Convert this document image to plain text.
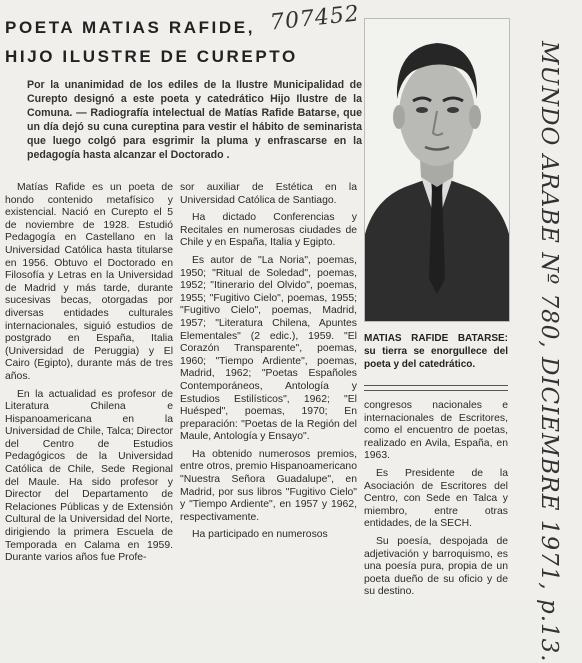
707452
MUNDO ARABE Nº 780, DICIEMBRE 1971, p.13.
POETA MATIAS RAFIDE,
HIJO ILUSTRE DE CUREPTO
Por la unanimidad de los ediles de la Ilustre Municipalidad de Curepto designó a este poeta y catedrático Hijo Ilustre de la Comuna. — Radiografía intelectual de Matías Rafide Batarse, que un día dejó su cuna cureptina para vestir el hábito de seminarista que luego colgó para esgrimir la pluma y enfrascarse en la pedagogía hasta alcanzar el Doctorado .

Matías Rafide es un poeta de hondo contenido metafísico y existencial. Nació en Curepto el 5 de noviembre de 1928. Estudió Pedagogía en Castellano en la Universidad Católica hasta titularse en 1956. Obtuvo el Doctorado en Filosofía y Letras en la Universidad de Madrid y más tarde, durante sucesivas becas, otorgadas por diversas entidades culturales internacionales, siguió estudios de postgrado en España, Italia (Universidad de Peruggia) y El Cairo (Egipto), durante más de tres años.

En la actualidad es profesor de Literatura Chilena e Hispanoamericana en la Universidad de Chile, Talca; Director del Centro de Estudios Pedagógicos de la Universidad Católica de Chile, Sede Regional del Maule. Ha sido profesor y Director del Departamento de Relaciones Públicas y de Extensión Cultural de la Universidad del Norte, dirigiendo la primera Escuela de Temporada en Calama en 1959. Durante varios años fue Profe-

sor auxiliar de Estética en la Universidad Católica de Santiago.

Ha dictado Conferencias y Recitales en numerosas ciudades de Chile y en España, Italia y Egipto.

Es autor de "La Noria", poemas, 1950; "Ritual de Soledad", poemas, 1952; "Itinerario del Olvido", poemas, 1955; "Fugitivo Cielo", poemas, 1955; "Fugitivo Cielo", poemas, Madrid, 1957; "Literatura Chilena, Apuntes Elementales" (2 edic.), 1959. "El Corazón Transparente", poemas, 1960; "Tiempo Ardiente", poemas, Madrid, 1962; "Poetas Españoles Contemporáneos, Antología y Estudios Estilísticos", 1962; "El Huésped", poemas, 1970; En preparación: "Poetas de la Región del Maule, Antología y Ensayo".

Ha obtenido numerosos premios, entre otros, premio Hispanoamericano "Nuestra Señora Guadalupe", en Madrid, por sus libros "Fugitivo Cielo" y "Tiempo Ardiente", en 1957 y 1962, respectivamente.

Ha participado en numerosos

MATIAS RAFIDE BATARSE: su tierra se enorgullece del poeta y del catedrático.

congresos nacionales e internacionales de Escritores, como el encuentro de poetas, realizado en Avila, España, en 1963.

Es Presidente de la Asociación de Escritores del Centro, con Sede en Talca y miembro, entre otras entidades, de la SECH.

Su poesía, despojada de adjetivación y barroquismo, es una poesía pura, propia de un poeta dueño de su oficio y de su destino.
